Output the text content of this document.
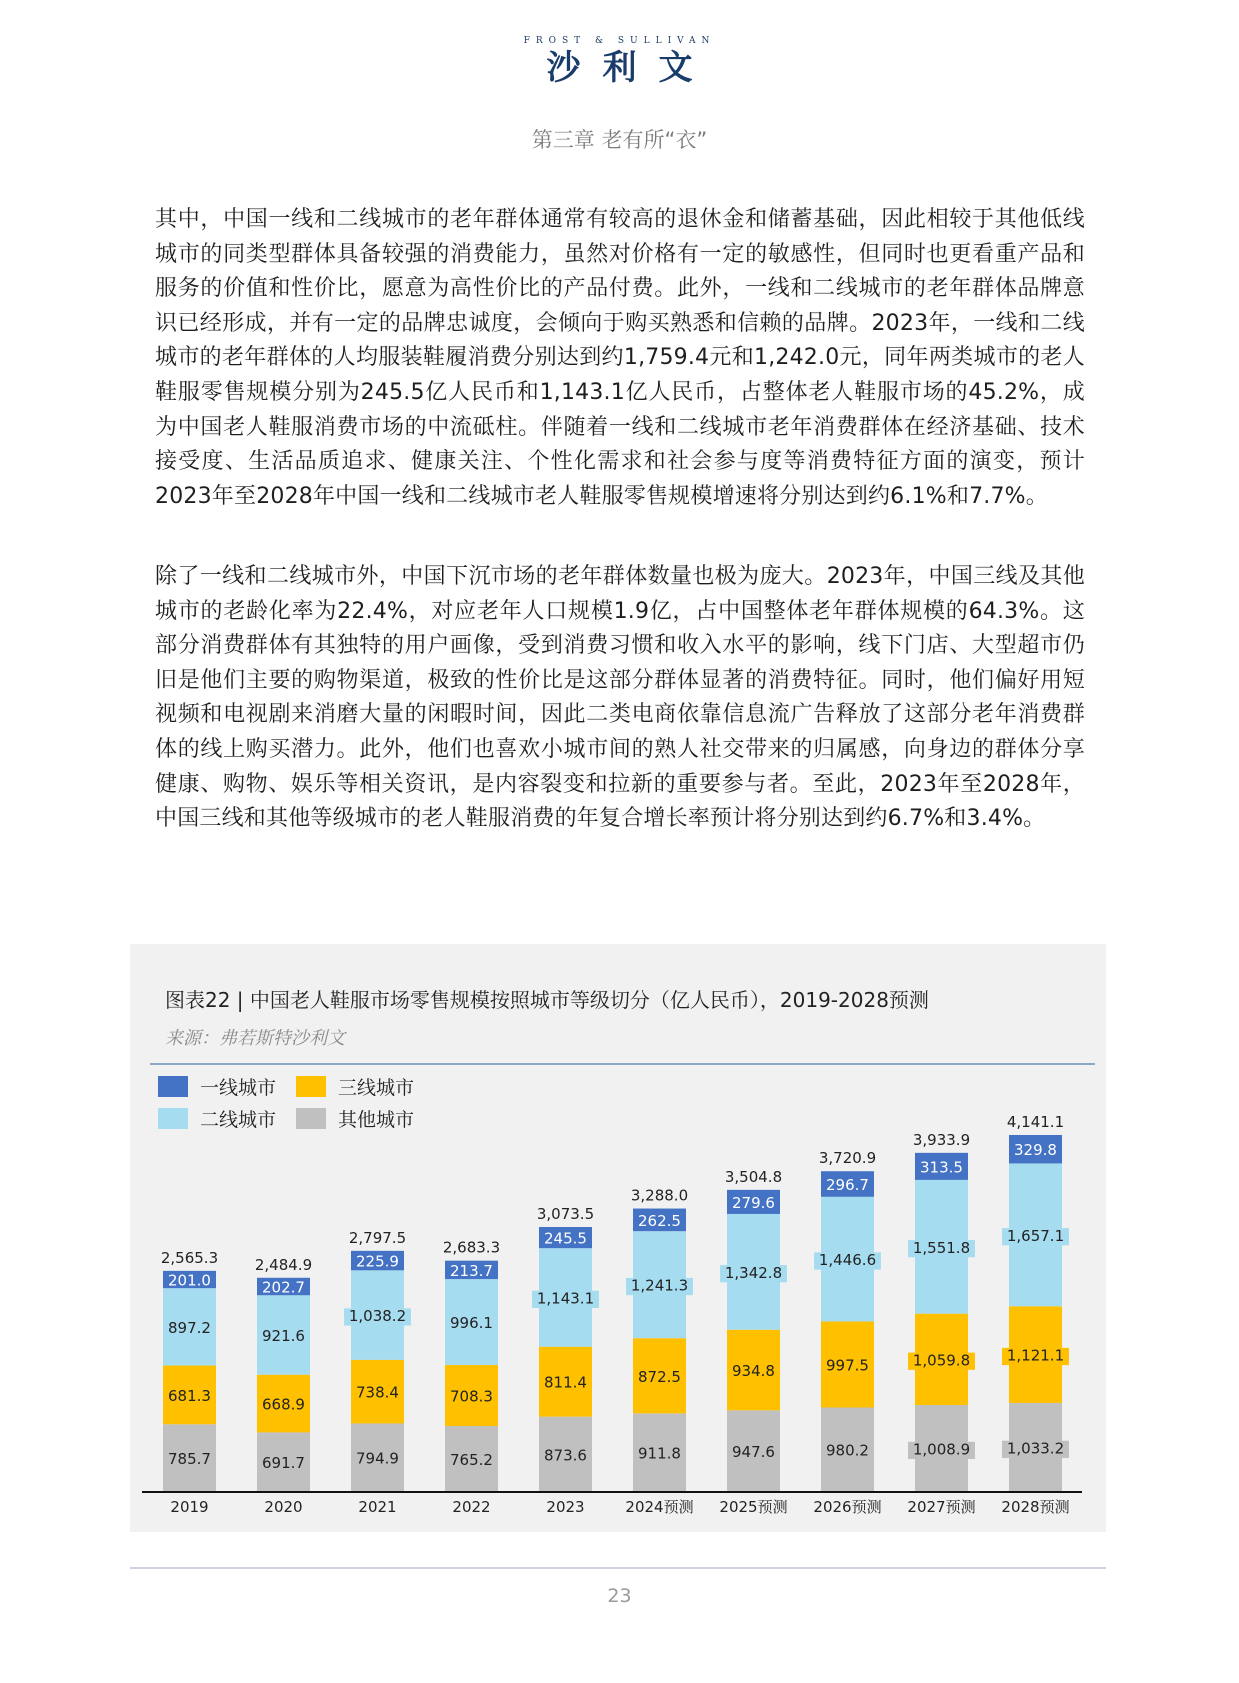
FROST & SULLIVAN
沙利文
第三章 老有所“衣”

其中，中国一线和二线城市的老年群体通常有较高的退休金和储蓄基础，因此相较于其他低线城市的同类型群体具备较强的消费能力，虽然对价格有一定的敏感性，但同时也更看重产品和服务的价值和性价比，愿意为高性价比的产品付费。此外，一线和二线城市的老年群体品牌意识已经形成，并有一定的品牌忠诚度，会倾向于购买熟悉和信赖的品牌。2023年，一线和二线城市的老年群体的人均服装鞋履消费分别达到约1,759.4元和1,242.0元，同年两类城市的老人鞋服零售规模分别为245.5亿人民币和1,143.1亿人民币，占整体老人鞋服市场的45.2%，成为中国老人鞋服消费市场的中流砥柱。伴随着一线和二线城市老年消费群体在经济基础、技术接受度、生活品质追求、健康关注、个性化需求和社会参与度等消费特征方面的演变，预计2023年至2028年中国一线和二线城市老人鞋服零售规模增速将分别达到约6.1%和7.7%。

除了一线和二线城市外，中国下沉市场的老年群体数量也极为庞大。2023年，中国三线及其他城市的老龄化率为22.4%，对应老年人口规模1.9亿，占中国整体老年群体规模的64.3%。这部分消费群体有其独特的用户画像，受到消费习惯和收入水平的影响，线下门店、大型超市仍旧是他们主要的购物渠道，极致的性价比是这部分群体显著的消费特征。同时，他们偏好用短视频和电视剧来消磨大量的闲暇时间，因此二类电商依靠信息流广告释放了这部分老年消费群体的线上购买潜力。此外，他们也喜欢小城市间的熟人社交带来的归属感，向身边的群体分享健康、购物、娱乐等相关资讯，是内容裂变和拉新的重要参与者。至此，2023年至2028年，中国三线和其他等级城市的老人鞋服消费的年复合增长率预计将分别达到约6.7%和3.4%。

图表22 | 中国老人鞋服市场零售规模按照城市等级切分（亿人民币），2019-2028预测
来源：弗若斯特沙利文
一线城市	三线城市
二线城市	其他城市
785.7
681.3
897.2
201.0
2,565.3
2019
691.7
668.9
921.6
202.7
2,484.9
2020
794.9
738.4
1,038.2
225.9
2,797.5
2021
765.2
708.3
996.1
213.7
2,683.3
2022
873.6
811.4
1,143.1
245.5
3,073.5
2023
911.8
872.5
1,241.3
262.5
3,288.0
2024预测
947.6
934.8
1,342.8
279.6
3,504.8
2025预测
980.2
997.5
1,446.6
296.7
3,720.9
2026预测
1,008.9
1,059.8
1,551.8
313.5
3,933.9
2027预测
1,033.2
1,121.1
1,657.1
329.8
4,141.1
2028预测
23
